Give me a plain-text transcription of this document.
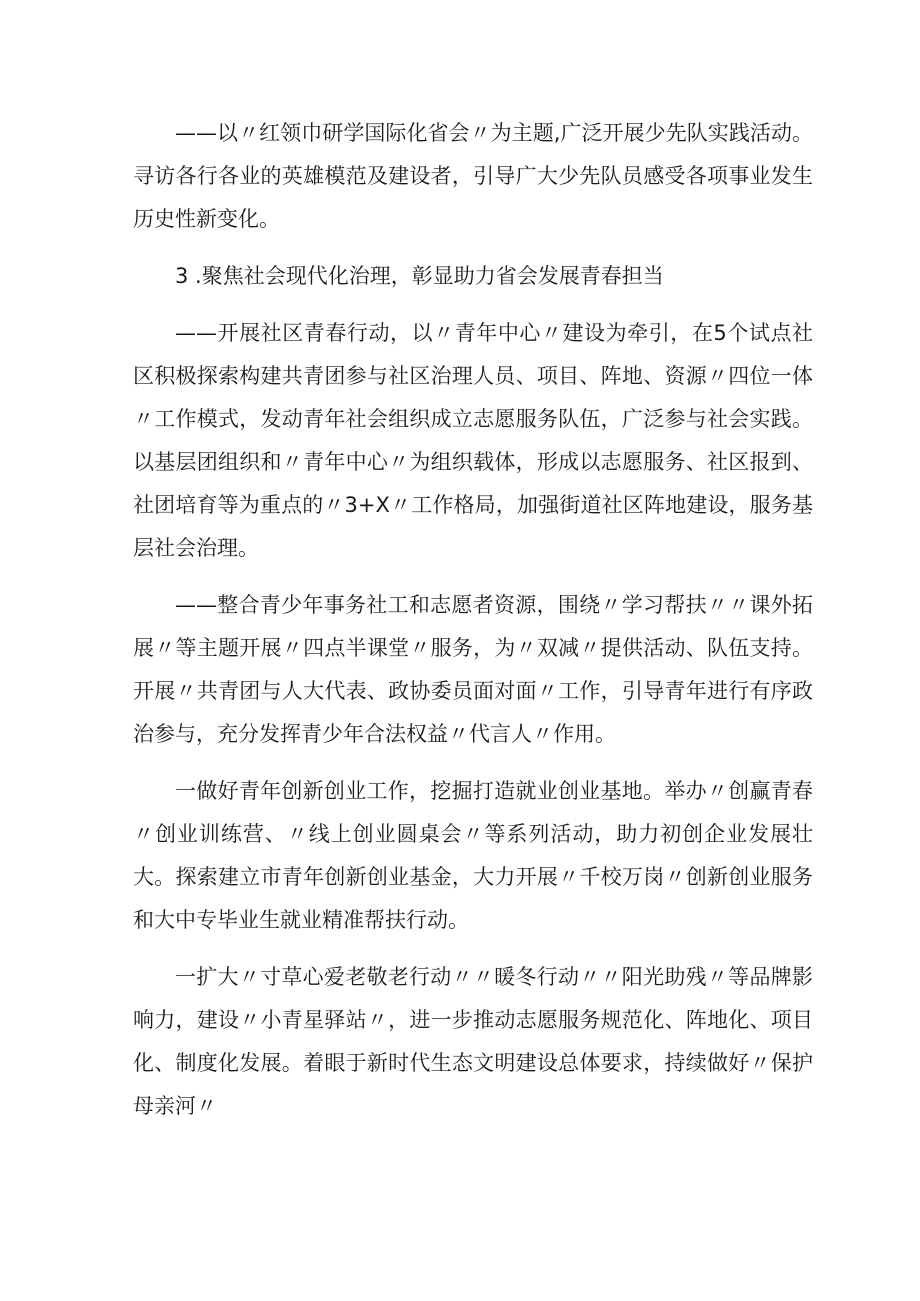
——以〃红领巾研学国际化省会〃为主题,广泛开展少先队实践活动。寻访各行各业的英雄模范及建设者，引导广大少先队员感受各项事业发生历史性新变化。

3 .聚焦社会现代化治理，彰显助力省会发展青春担当

——开展社区青春行动，以〃青年中心〃建设为牵引，在5个试点社区积极探索构建共青团参与社区治理人员、项目、阵地、资源〃四位一体〃工作模式，发动青年社会组织成立志愿服务队伍，广泛参与社会实践。以基层团组织和〃青年中心〃为组织载体，形成以志愿服务、社区报到、社团培育等为重点的〃3+X〃工作格局，加强街道社区阵地建设，服务基层社会治理。

——整合青少年事务社工和志愿者资源，围绕〃学习帮扶〃〃课外拓展〃等主题开展〃四点半课堂〃服务，为〃双减〃提供活动、队伍支持。开展〃共青团与人大代表、政协委员面对面〃工作，引导青年进行有序政治参与，充分发挥青少年合法权益〃代言人〃作用。

一做好青年创新创业工作，挖掘打造就业创业基地。举办〃创赢青春〃创业训练营、〃线上创业圆桌会〃等系列活动，助力初创企业发展壮大。探索建立市青年创新创业基金，大力开展〃千校万岗〃创新创业服务和大中专毕业生就业精准帮扶行动。

一扩大〃寸草心爱老敬老行动〃〃暖冬行动〃〃阳光助残〃等品牌影响力，建设〃小青星驿站〃，进一步推动志愿服务规范化、阵地化、项目化、制度化发展。着眼于新时代生态文明建设总体要求，持续做好〃保护母亲河〃
